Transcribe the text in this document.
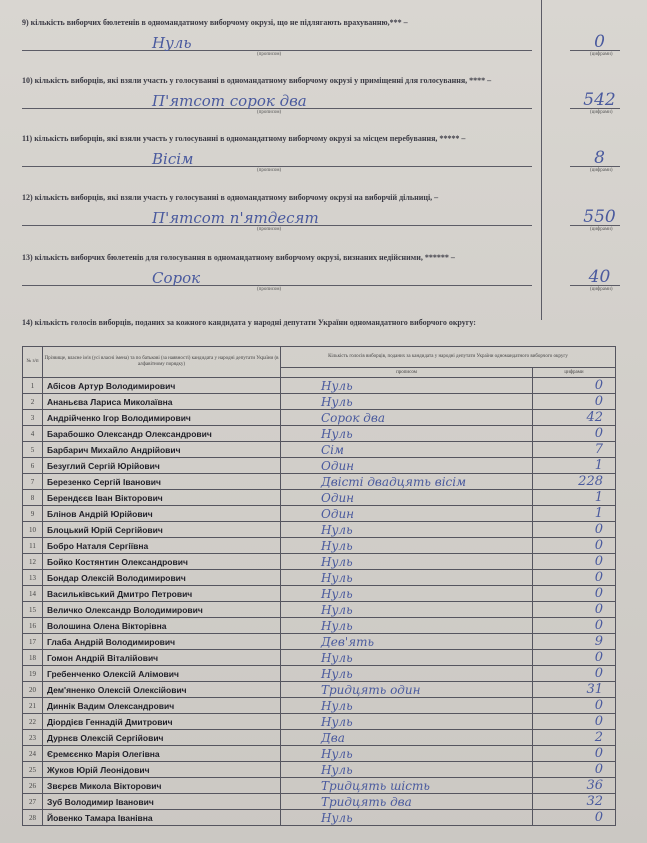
9) кількість виборчих бюлетенів в одномандатному виборчому окрузі, що не підлягають врахуванню,*** –
Нуль
(прописом)
0
(цифрами)
10) кількість виборців, які взяли участь у голосуванні в одномандатному виборчому окрузі у приміщенні для голосування, **** –
П'ятсот сорок два
(прописом)
542
(цифрами)
11) кількість виборців, які взяли участь у голосуванні в одномандатному виборчому окрузі за місцем перебування, ***** –
Вісім
(прописом)
8
(цифрами)
12) кількість виборців, які взяли участь у голосуванні в одномандатному виборчому окрузі на виборчій дільниці, –
П'ятсот п'ятдесят
(прописом)
550
(цифрами)
13) кількість виборчих бюлетенів для голосування в одномандатному виборчому окрузі, визнаних недійсними, ****** –
Сорок
(прописом)
40
(цифрами)
14) кількість голосів виборців, поданих за кожного кандидата у народні депутати України одномандатного виборчого округу:
№ з/п	Прізвище, власне ім'я (усі власні імена) та по батькові (за наявності) кандидата у народні депутати України (в алфавітному порядку)	Кількість голосів виборців, поданих за кандидата у народні депутати України одномандатного виборчого округу	
		прописом	цифрами
1	Абісов Артур Володимирович	Нуль	0
2	Ананьєва Лариса Миколаївна	Нуль	0
3	Андрійченко Ігор Володимирович	Сорок два	42
4	Барабошко Олександр Олександрович	Нуль	0
5	Барбарич Михайло Андрійович	Сім	7
6	Безуглий Сергій Юрійович	Один	1
7	Березенко Сергій Іванович	Двісті двадцять вісім	228
8	Берендєєв Іван Вікторович	Один	1
9	Блінов Андрій Юрійович	Один	1
10	Блоцький Юрій Сергійович	Нуль	0
11	Бобро Наталя Сергіївна	Нуль	0
12	Бойко Костянтин Олександрович	Нуль	0
13	Бондар Олексій Володимирович	Нуль	0
14	Васильківський Дмитро Петрович	Нуль	0
15	Величко Олександр Володимирович	Нуль	0
16	Волошина Олена Вікторівна	Нуль	0
17	Глаба Андрій Володимирович	Дев'ять	9
18	Гомон Андрій Віталійович	Нуль	0
19	Гребенченко Олексій Алімович	Нуль	0
20	Дем'яненко Олексій Олексійович	Тридцять один	31
21	Диннік Вадим Олександрович	Нуль	0
22	Діордієв Геннадій Дмитрович	Нуль	0
23	Дурнєв Олексій Сергійович	Два	2
24	Єремєєнко Марія Олегівна	Нуль	0
25	Жуков Юрій Леонідович	Нуль	0
26	Звєрєв Микола Вікторович	Тридцять шість	36
27	Зуб Володимир Іванович	Тридцять два	32
28	Йовенко Тамара Іванівна	Нуль	0
